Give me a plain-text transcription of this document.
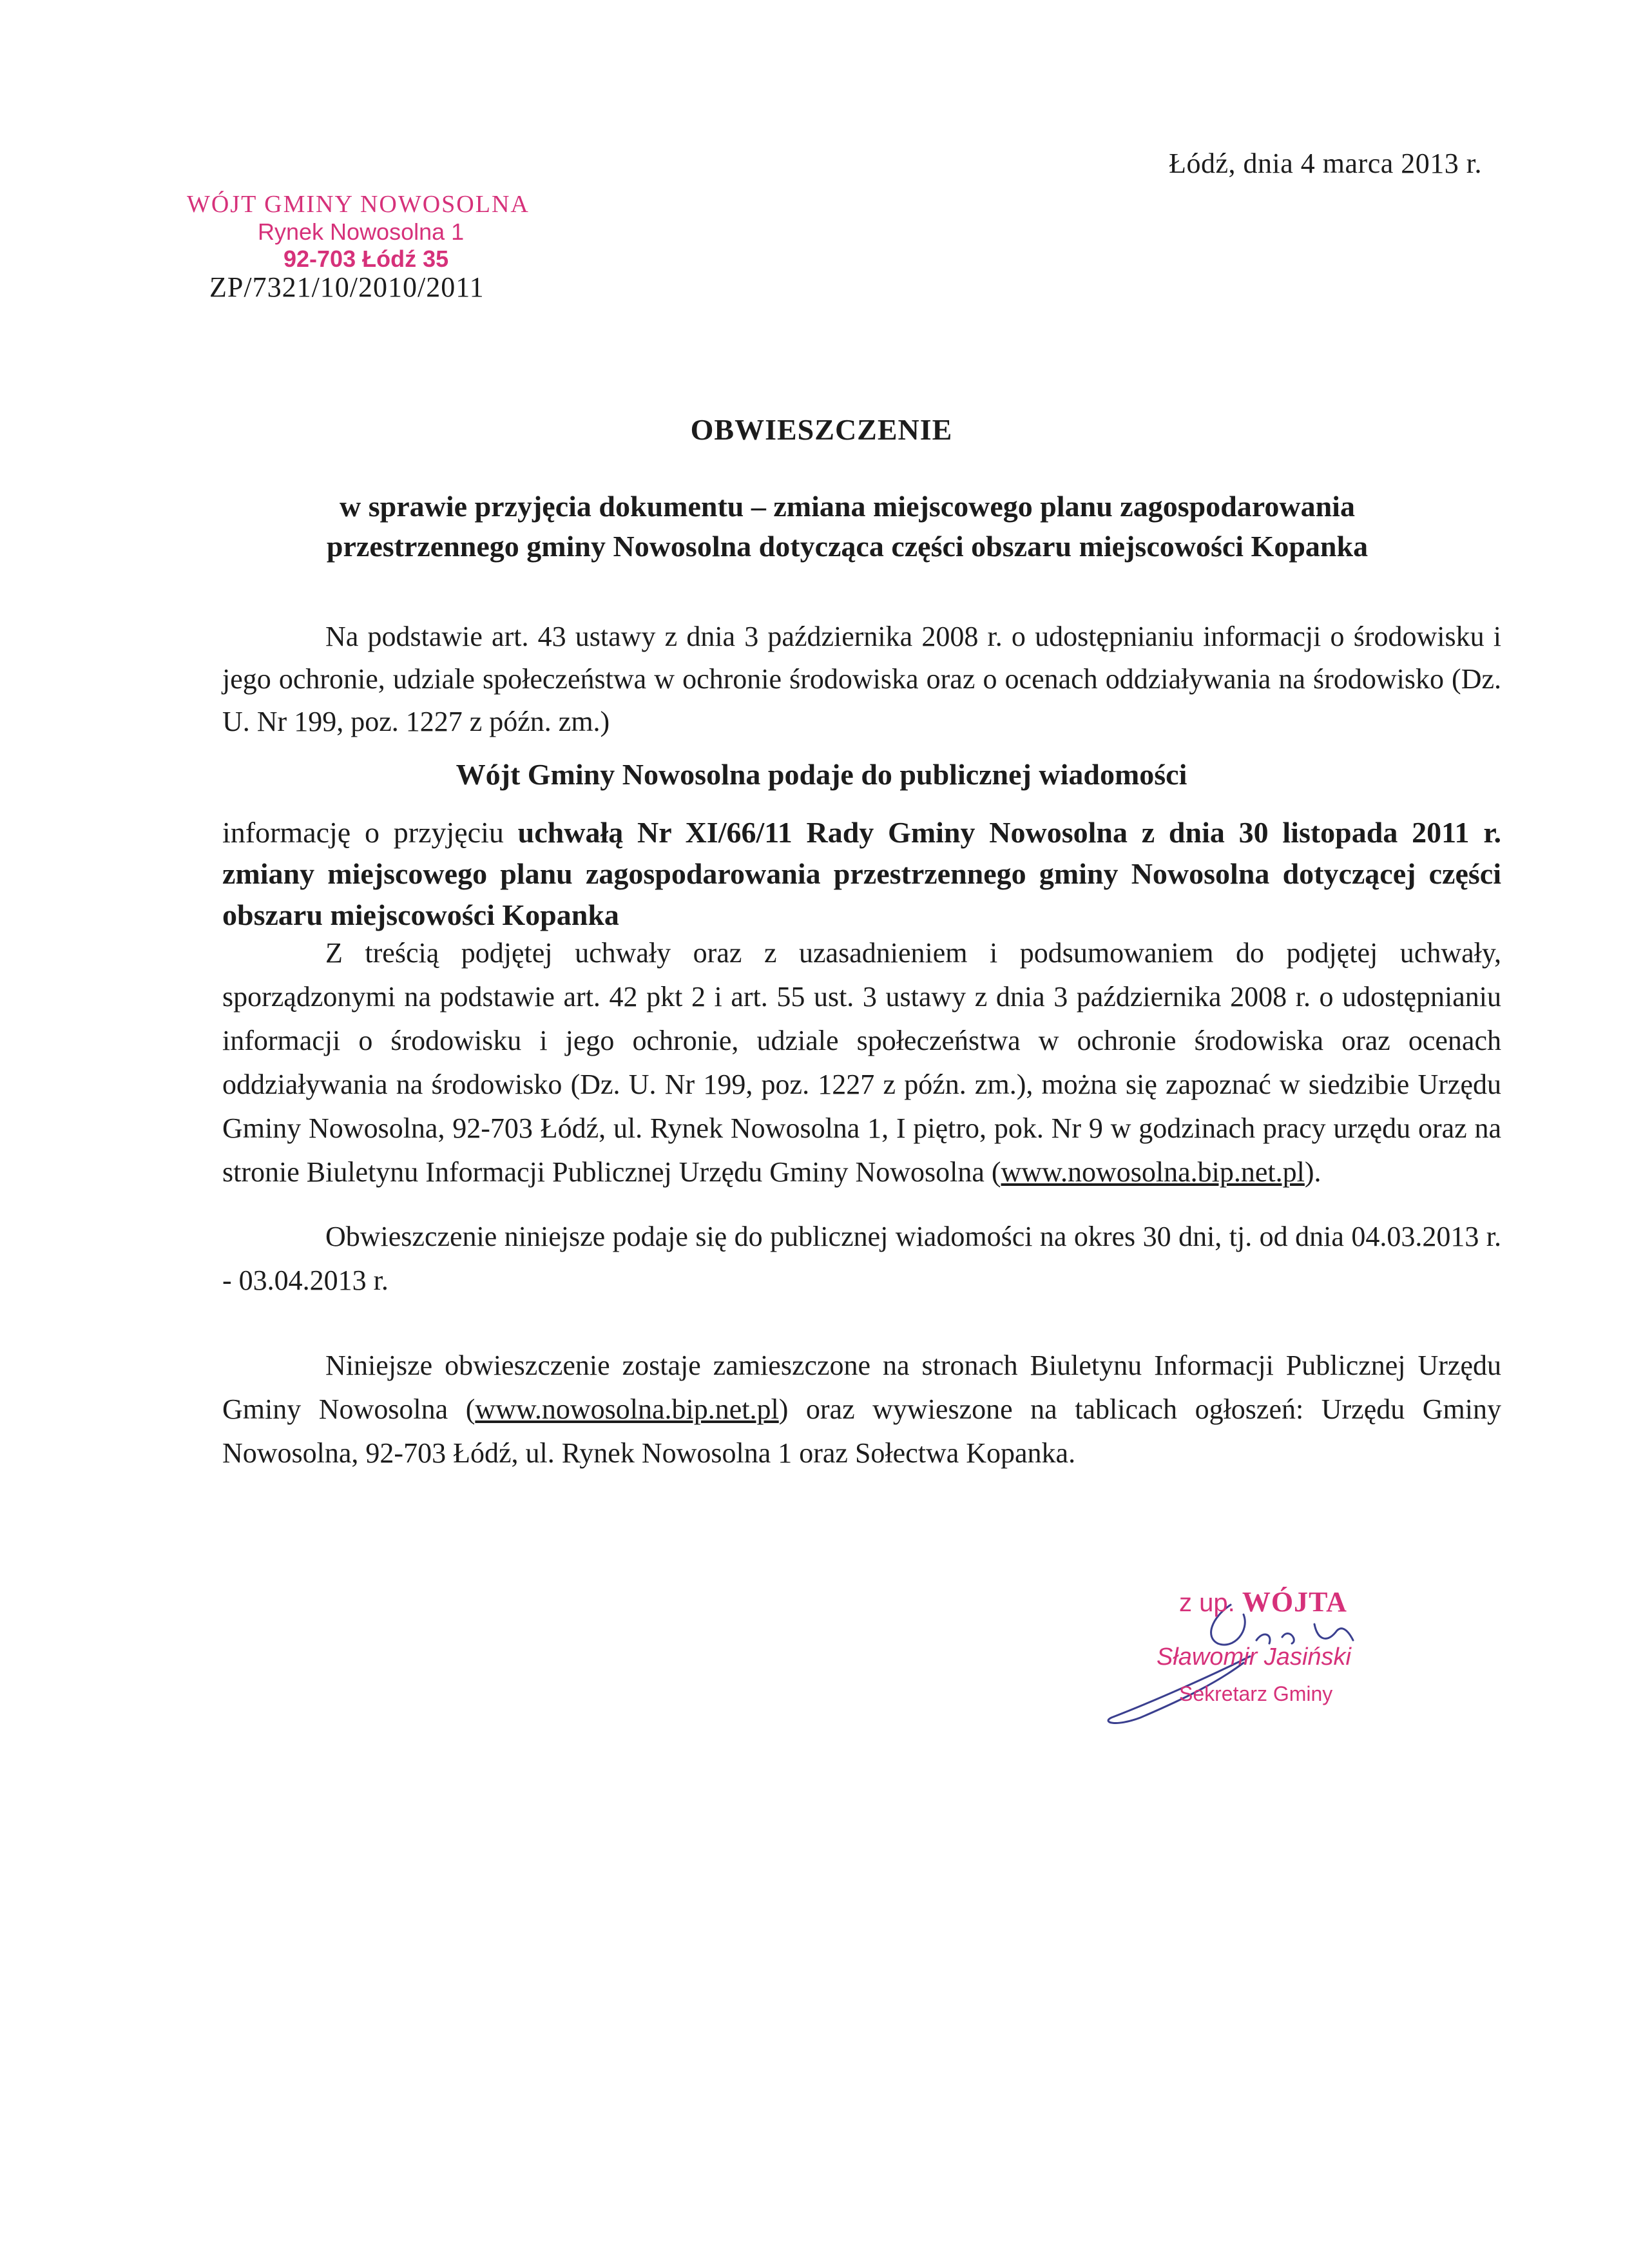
Łódź, dnia 4 marca 2013 r.
WÓJT GMINY NOWOSOLNA
Rynek Nowosolna 1
92-703 Łódź 35
ZP/7321/10/2010/2011
OBWIESZCZENIE
w sprawie przyjęcia dokumentu – zmiana miejscowego planu zagospodarowania przestrzennego gminy Nowosolna dotycząca części obszaru miejscowości Kopanka
Na podstawie art. 43 ustawy z dnia 3 października 2008 r. o udostępnianiu informacji o środowisku i jego ochronie, udziale społeczeństwa w ochronie środowiska oraz o ocenach oddziaływania na środowisko (Dz. U. Nr 199, poz. 1227 z późn. zm.)
Wójt Gminy Nowosolna podaje do publicznej wiadomości
informację o przyjęciu uchwałą Nr XI/66/11 Rady Gminy Nowosolna z dnia 30 listopada 2011 r. zmiany miejscowego planu zagospodarowania przestrzennego gminy Nowosolna dotyczącej części obszaru miejscowości Kopanka
Z treścią podjętej uchwały oraz z uzasadnieniem i podsumowaniem do podjętej uchwały, sporządzonymi na podstawie art. 42 pkt 2 i art. 55 ust. 3 ustawy z dnia 3 października 2008 r. o udostępnianiu informacji o środowisku i jego ochronie, udziale społeczeństwa w ochronie środowiska oraz ocenach oddziaływania na środowisko (Dz. U. Nr 199, poz. 1227 z późn. zm.), można się zapoznać w siedzibie Urzędu Gminy Nowosolna, 92-703 Łódź, ul. Rynek Nowosolna 1, I piętro, pok. Nr 9 w godzinach pracy urzędu oraz na stronie Biuletynu Informacji Publicznej Urzędu Gminy Nowosolna (www.nowosolna.bip.net.pl).
Obwieszczenie niniejsze podaje się do publicznej wiadomości na okres 30 dni, tj. od dnia 04.03.2013 r. - 03.04.2013 r.
Niniejsze obwieszczenie zostaje zamieszczone na stronach Biuletynu Informacji Publicznej Urzędu Gminy Nowosolna (www.nowosolna.bip.net.pl) oraz wywieszone na tablicach ogłoszeń: Urzędu Gminy Nowosolna, 92-703 Łódź, ul. Rynek Nowosolna 1 oraz Sołectwa Kopanka.
z up. WÓJTA
Sławomir Jasiński
Sekretarz Gminy
